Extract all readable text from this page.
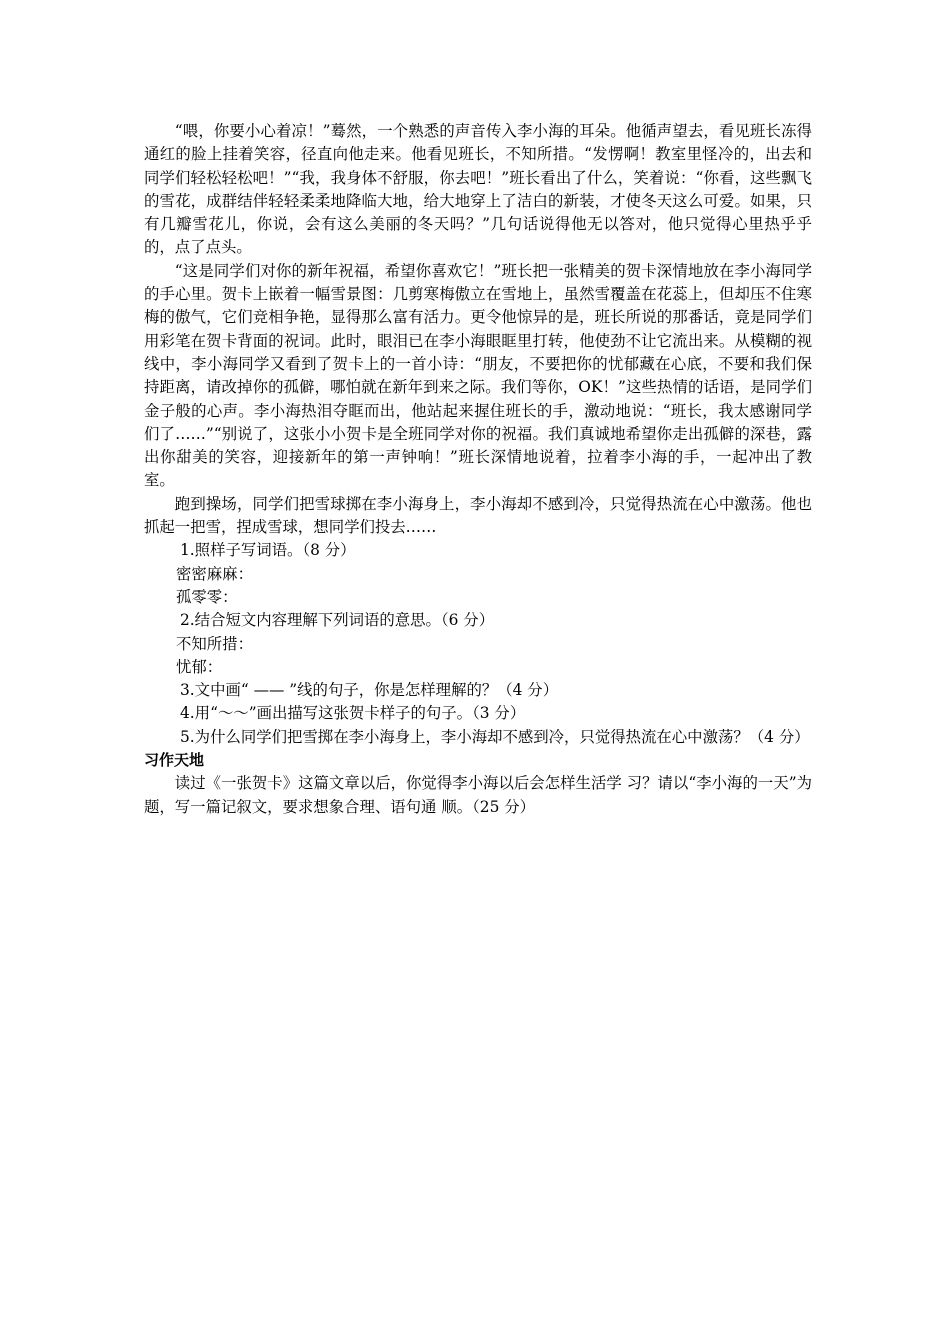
“喂，你要小心着凉！”蓦然，一个熟悉的声音传入李小海的耳朵。他循声望去，看见班长冻得通红的脸上挂着笑容，径直向他走来。他看见班长，不知所措。“发愣啊！教室里怪冷的，出去和同学们轻松轻松吧！”“我，我身体不舒服，你去吧！”班长看出了什么，笑着说：“你看，这些飘飞的雪花，成群结伴轻轻柔柔地降临大地，给大地穿上了洁白的新装，才使冬天这么可爱。如果，只有几瓣雪花儿，你说，会有这么美丽的冬天吗？”几句话说得他无以答对，他只觉得心里热乎乎的，点了点头。

“这是同学们对你的新年祝福，希望你喜欢它！”班长把一张精美的贺卡深情地放在李小海同学的手心里。贺卡上嵌着一幅雪景图：几剪寒梅傲立在雪地上，虽然雪覆盖在花蕊上，但却压不住寒梅的傲气，它们竞相争艳，显得那么富有活力。更令他惊异的是，班长所说的那番话，竟是同学们用彩笔在贺卡背面的祝词。此时，眼泪已在李小海眼眶里打转，他使劲不让它流出来。从模糊的视线中，李小海同学又看到了贺卡上的一首小诗：“朋友，不要把你的忧郁藏在心底，不要和我们保持距离，请改掉你的孤僻，哪怕就在新年到来之际。我们等你，OK！”这些热情的话语，是同学们金子般的心声。李小海热泪夺眶而出，他站起来握住班长的手，激动地说：“班长，我太感谢同学们了……”“别说了，这张小小贺卡是全班同学对你的祝福。我们真诚地希望你走出孤僻的深巷，露出你甜美的笑容，迎接新年的第一声钟响！”班长深情地说着，拉着李小海的手，一起冲出了教室。

跑到操场，同学们把雪球掷在李小海身上，李小海却不感到冷，只觉得热流在心中激荡。他也抓起一把雪，捏成雪球，想同学们投去……

1.照样子写词语。（8 分）

密密麻麻：

孤零零：

2.结合短文内容理解下列词语的意思。（6 分）

不知所措：

忧郁：

3.文中画“ —— ”线的句子，你是怎样理解的？（4 分）

4.用“～～”画出描写这张贺卡样子的句子。（3 分）

5.为什么同学们把雪掷在李小海身上，李小海却不感到冷，只觉得热流在心中激荡？（4 分）

习作天地

读过《一张贺卡》这篇文章以后，你觉得李小海以后会怎样生活学 习？请以“李小海的一天”为题，写一篇记叙文，要求想象合理、语句通 顺。（25 分）
